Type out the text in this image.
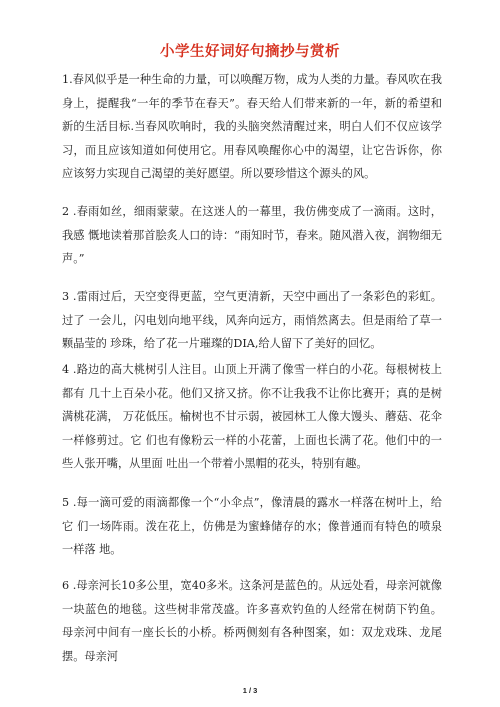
小学生好词好句摘抄与赏析

1.春风似乎是一种生命的力量，可以唤醒万物，成为人类的力量。春风吹在我身上，提醒我“一年的季节在春天”。春天给人们带来新的一年，新的希望和新的生活目标.当春风吹响时，我的头脑突然清醒过来，明白人们不仅应该学习，而且应该知道如何使用它。用春风唤醒你心中的渴望，让它告诉你，你应该努力实现自己渴望的美好愿望。所以要珍惜这个源头的风。

2 .春雨如丝，细雨蒙蒙。在这迷人的一幕里，我仿佛变成了一滴雨。这时，我感 慨地读着那首脍炙人口的诗：“雨知时节，春来。随风潜入夜，润物细无声。”

3 .雷雨过后，天空变得更蓝，空气更清新，天空中画出了一条彩色的彩虹。过了 一会儿，闪电划向地平线，风奔向远方，雨悄然离去。但是雨给了草一颗晶莹的 珍珠，给了花一片璀璨的DIA,给人留下了美好的回忆。

4 .路边的高大桃树引人注目。山顶上开满了像雪一样白的小花。每根树枝上都有 几十上百朵小花。他们又挤又挤。你不让我我不让你比赛开；真的是树满桃花满， 万花低压。榆树也不甘示弱，被园林工人像大馒头、蘑菇、花伞一样修剪过。它 们也有像粉云一样的小花蕾，上面也长满了花。他们中的一些人张开嘴，从里面 吐出一个带着小黑帽的花头，特别有趣。

5 .每一滴可爱的雨滴都像一个“小伞点”，像清晨的露水一样落在树叶上，给它 们一场阵雨。泼在花上，仿佛是为蜜蜂储存的水；像普通而有特色的喷泉一样落 地。

6 .母亲河长10多公里，宽40多米。这条河是蓝色的。从远处看，母亲河就像一块蓝色的地毯。这些树非常茂盛。许多喜欢钓鱼的人经常在树荫下钓鱼。母亲河中间有一座长长的小桥。桥两侧刻有各种图案，如：双龙戏珠、龙尾摆。母亲河

1 / 3
